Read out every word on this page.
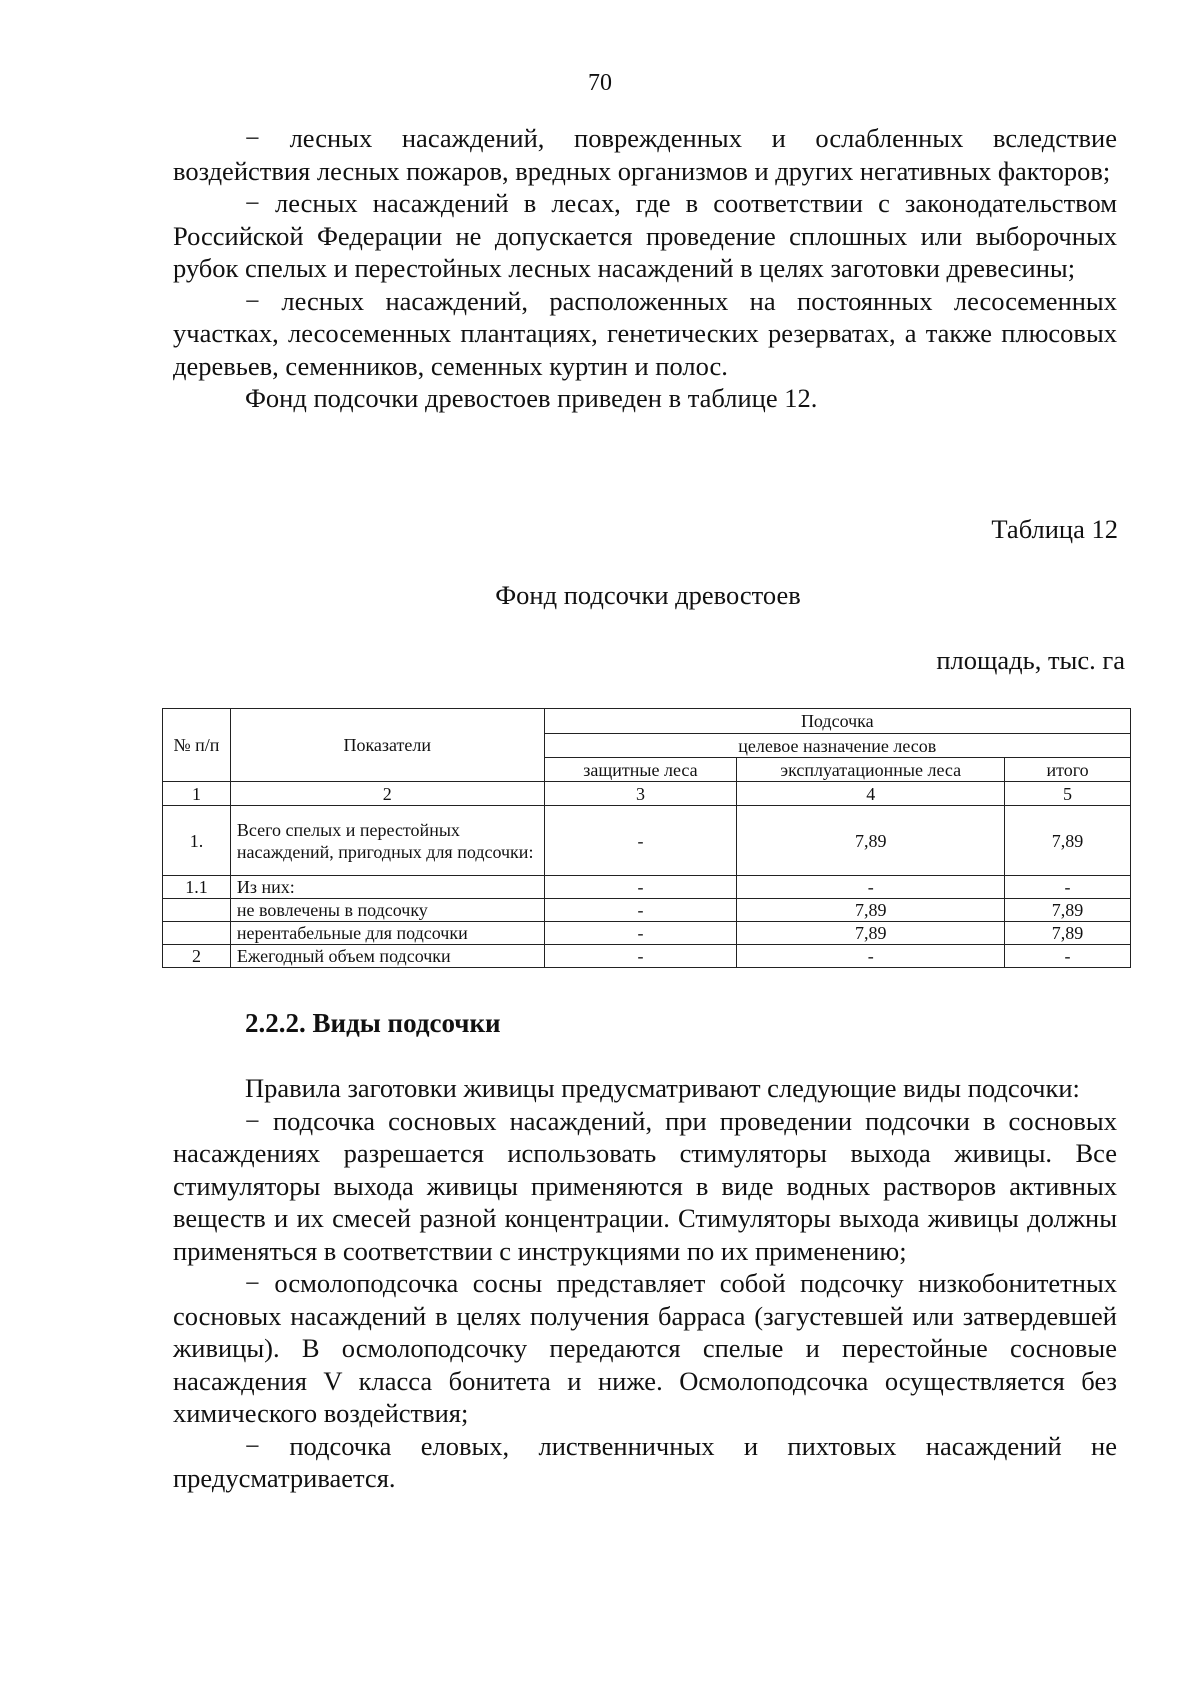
70

− лесных насаждений, поврежденных и ослабленных вследствие воздействия лесных пожаров, вредных организмов и других негативных факторов;

− лесных насаждений в лесах, где в соответствии с законодательством Российской Федерации не допускается проведение сплошных или выборочных рубок спелых и перестойных лесных насаждений в целях заготовки древесины;

− лесных насаждений, расположенных на постоянных лесосеменных участках, лесосеменных плантациях, генетических резерватах, а также плюсовых деревьев, семенников, семенных куртин и полос.

Фонд подсочки древостоев приведен в таблице 12.

Таблица 12
Фонд подсочки древостоев
площадь, тыс. га
№ п/п	Показатели	Подсочка		
		целевое назначение лесов		
		защитные леса	эксплуатационные леса	итого
1	2	3	4	5
1.	Всего спелых и перестойных насаждений, пригодных для подсочки:	-	7,89	7,89
1.1	Из них:	-	-	-
	не вовлечены в подсочку	-	7,89	7,89
	нерентабельные для подсочки	-	7,89	7,89
2	Ежегодный объем подсочки	-	-	-
2.2.2. Виды подсочки

Правила заготовки живицы предусматривают следующие виды подсочки:

− подсочка сосновых насаждений, при проведении подсочки в сосновых насаждениях разрешается использовать стимуляторы выхода живицы. Все стимуляторы выхода живицы применяются в виде водных растворов активных веществ и их смесей разной концентрации. Стимуляторы выхода живицы должны применяться в соответствии с инструкциями по их применению;

− осмолоподсочка сосны представляет собой подсочку низкобонитетных сосновых насаждений в целях получения барраса (загустевшей или затвердевшей живицы). В осмолоподсочку передаются спелые и перестойные сосновые насаждения V класса бонитета и ниже. Осмолоподсочка осуществляется без химического воздействия;

− подсочка еловых, лиственничных и пихтовых насаждений не предусматривается.
